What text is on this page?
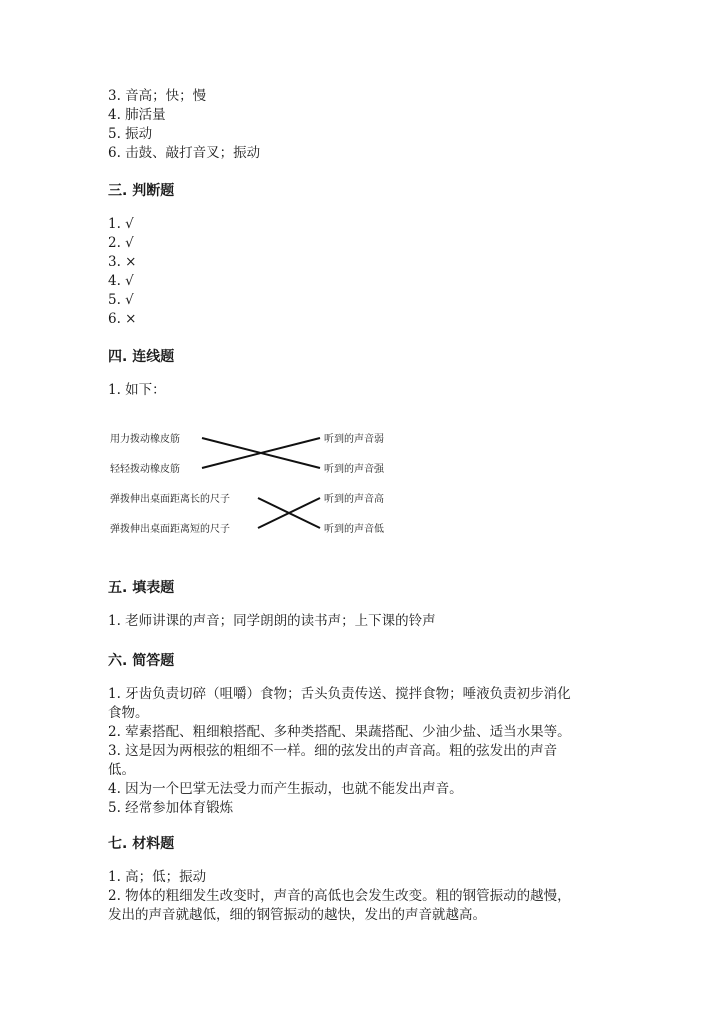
3. 音高；快；慢
4. 肺活量
5. 振动
6. 击鼓、敲打音叉；振动
三. 判断题
1. √
2. √
3. ×
4. √
5. √
6. ×
四. 连线题
1. 如下：
用力拨动橡皮筋
轻轻拨动橡皮筋
弹拨伸出桌面距离长的尺子
弹拨伸出桌面距离短的尺子
听到的声音弱
听到的声音强
听到的声音高
听到的声音低
五. 填表题
1. 老师讲课的声音；同学朗朗的读书声；上下课的铃声
六. 简答题
1. 牙齿负责切碎（咀嚼）食物；舌头负责传送、搅拌食物；唾液负责初步消化
食物。
2. 荤素搭配、粗细粮搭配、多种类搭配、果蔬搭配、少油少盐、适当水果等。
3. 这是因为两根弦的粗细不一样。细的弦发出的声音高。粗的弦发出的声音
低。
4. 因为一个巴掌无法受力而产生振动，也就不能发出声音。
5. 经常参加体育锻炼
七. 材料题
1. 高；低；振动
2. 物体的粗细发生改变时，声音的高低也会发生改变。粗的钢管振动的越慢，
发出的声音就越低，细的钢管振动的越快，发出的声音就越高。
